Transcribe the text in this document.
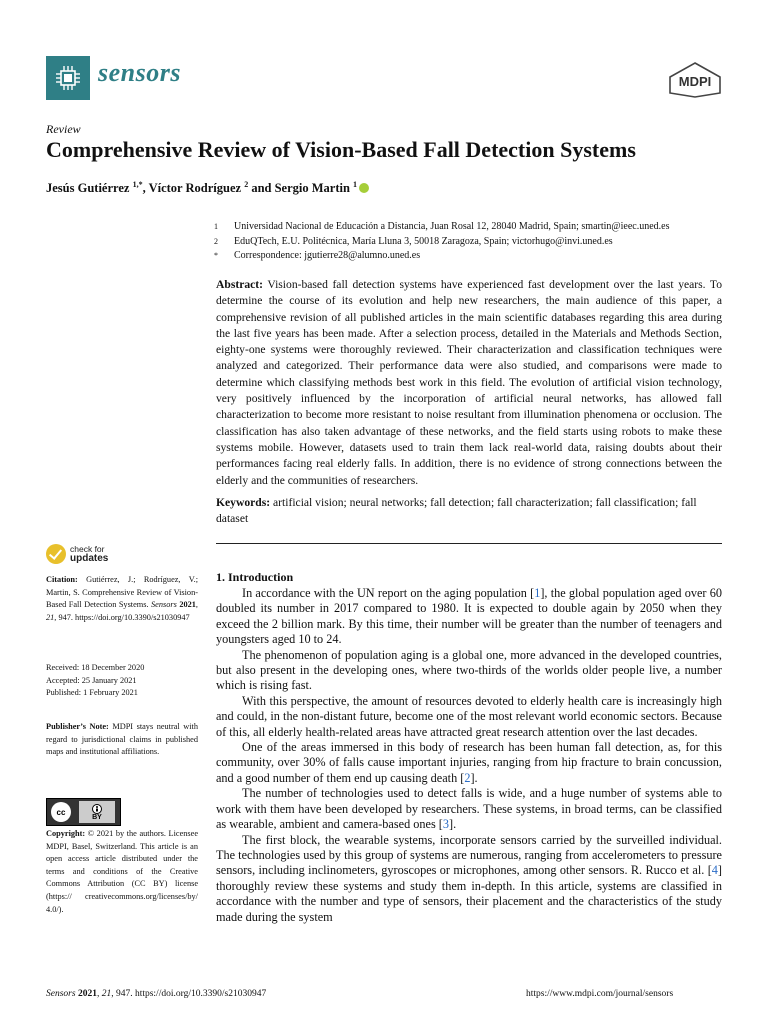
sensors	MDPI
Review
Comprehensive Review of Vision-Based Fall Detection Systems
Jesús Gutiérrez $^{1,*}$, Víctor Rodríguez $^2$ and Sergio Martin $^1$
1	Universidad Nacional de Educación a Distancia, Juan Rosal 12, 28040 Madrid, Spain; smartin@ieec.uned.es
2	EduQTech, E.U. Politécnica, María Lluna 3, 50018 Zaragoza, Spain; victorhugo@invi.uned.es
*	Correspondence: jgutierre28@alumno.uned.es
Abstract: Vision-based fall detection systems have experienced fast development over the last years. To determine the course of its evolution and help new researchers, the main audience of this paper, a comprehensive revision of all published articles in the main scientific databases regarding this area during the last five years has been made. After a selection process, detailed in the Materials and Methods Section, eighty-one systems were thoroughly reviewed. Their characterization and classification techniques were analyzed and categorized. Their performance data were also studied, and comparisons were made to determine which classifying methods best work in this field. The evolution of artificial vision technology, very positively influenced by the incorporation of artificial neural networks, has allowed fall characterization to become more resistant to noise resultant from illumination phenomena or occlusion. The classification has also taken advantage of these networks, and the field starts using robots to make these systems mobile. However, datasets used to train them lack real-world data, raising doubts about their performances facing real elderly falls. In addition, there is no evidence of strong connections between the elderly and the communities of researchers.
Keywords: artificial vision; neural networks; fall detection; fall characterization; fall classification; fall dataset
check for
updates
Citation: Gutiérrez, J.; Rodríguez, V.; Martin, S. Comprehensive Review of Vision-Based Fall Detection Systems. Sensors 2021, 21, 947. https://doi.org/10.3390/s21030947
Received: 18 December 2020
Accepted: 25 January 2021
Published: 1 February 2021
Publisher’s Note: MDPI stays neutral with regard to jurisdictional claims in published maps and institutional affiliations.
cc
BY
Copyright: © 2021 by the authors. Licensee MDPI, Basel, Switzerland. This article is an open access article distributed under the terms and conditions of the Creative Commons Attribution (CC BY) license (https:// creativecommons.org/licenses/by/ 4.0/).
1. Introduction

In accordance with the UN report on the aging population [1], the global population aged over 60 doubled its number in 2017 compared to 1980. It is expected to double again by 2050 when they exceed the 2 billion mark. By this time, their number will be greater than the number of teenagers and youngsters aged 10 to 24.

The phenomenon of population aging is a global one, more advanced in the developed countries, but also present in the developing ones, where two-thirds of the worlds older people live, a number which is rising fast.

With this perspective, the amount of resources devoted to elderly health care is increasingly high and could, in the non-distant future, become one of the most relevant world economic sectors. Because of this, all elderly health-related areas have attracted great research attention over the last decades.

One of the areas immersed in this body of research has been human fall detection, as, for this community, over 30% of falls cause important injuries, ranging from hip fracture to brain concussion, and a good number of them end up causing death [2].

The number of technologies used to detect falls is wide, and a huge number of systems able to work with them have been developed by researchers. These systems, in broad terms, can be classified as wearable, ambient and camera-based ones [3].

The first block, the wearable systems, incorporate sensors carried by the surveilled individual. The technologies used by this group of systems are numerous, ranging from accelerometers to pressure sensors, including inclinometers, gyroscopes or microphones, among other sensors. R. Rucco et al. [4] thoroughly review these systems and study them in-depth. In this article, systems are classified in accordance with the number and type of sensors, their placement and the characteristics of the study made during the system

Sensors 2021, 21, 947. https://doi.org/10.3390/s21030947	https://www.mdpi.com/journal/sensors
